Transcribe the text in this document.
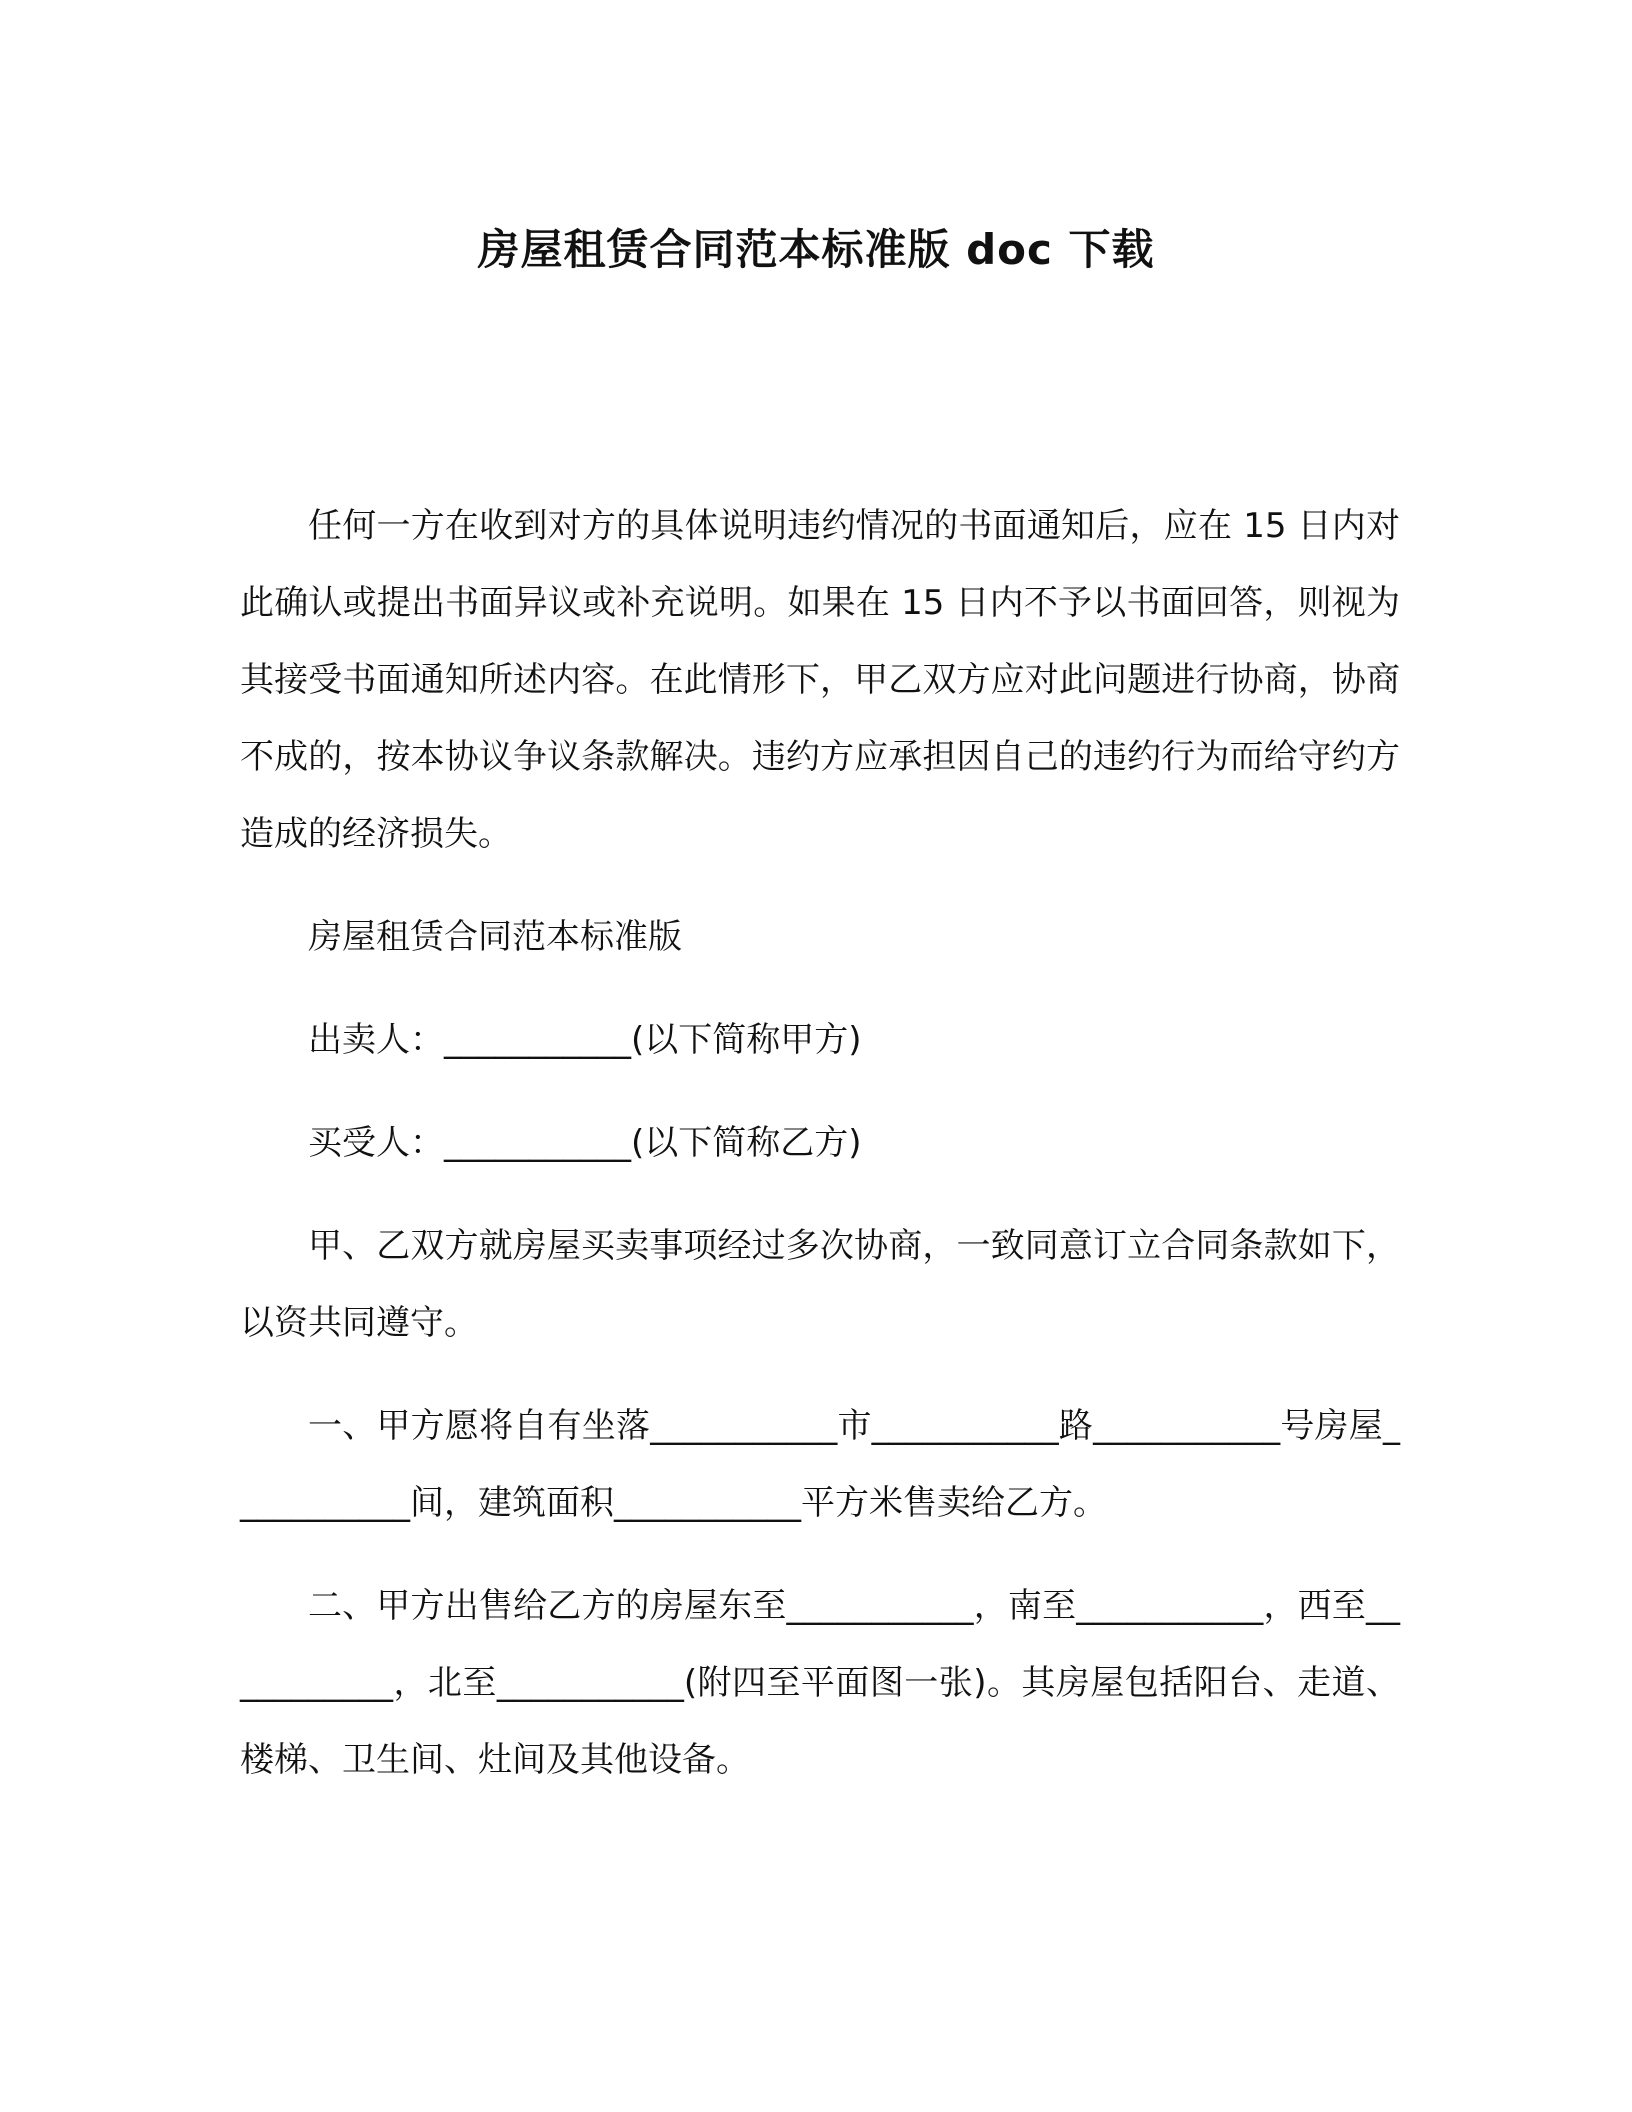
房屋租赁合同范本标准版 doc 下载

任何一方在收到对方的具体说明违约情况的书面通知后，应在 15 日内对此确认或提出书面异议或补充说明。如果在 15 日内不予以书面回答，则视为其接受书面通知所述内容。在此情形下，甲乙双方应对此问题进行协商，协商不成的，按本协议争议条款解决。违约方应承担因自己的违约行为而给守约方造成的经济损失。

房屋租赁合同范本标准版

出卖人：___________(以下简称甲方)

买受人：___________(以下简称乙方)

甲、乙双方就房屋买卖事项经过多次协商，一致同意订立合同条款如下，以资共同遵守。

一、甲方愿将自有坐落___________市___________路___________号房屋___________间，建筑面积___________平方米售卖给乙方。

二、甲方出售给乙方的房屋东至___________，南至___________，西至___________，北至___________(附四至平面图一张)。其房屋包括阳台、走道、楼梯、卫生间、灶间及其他设备。
